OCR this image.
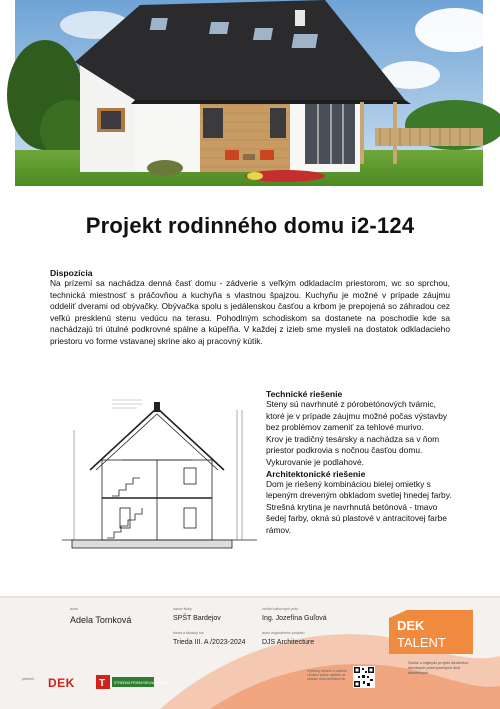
Projekt rodinného domu i2-124
Dispozícia

Na prízemí sa nachádza denná časť domu - zádverie s veľkým odkladacím priestorom, wc so sprchou, technická miestnosť s práčovňou a kuchyňa s vlastnou špajzou. Kuchyňu je možné v prípade záujmu oddeliť dverami od obývačky. Obývačka spolu s jedálenskou časťou a krbom je prepojená so záhradou cez veľkú presklenú stenu vedúcu na terasu. Pohodlným schodiskom sa dostanete na poschodie kde sa nachádzajú tri útulné podkrovné spálne a kúpeľňa. V každej z izieb sme mysleli na dostatok odkladacieho priestoru vo forme vstavanej skrine ako aj pracovný kútik.

Technické riešenie

Steny sú navrhnuté z pórobetónových tvárnic, ktoré je v prípade záujmu možné počas výstavby bez problémov zameniť za tehlové murivo.

Krov je tradičný tesársky a nachádza sa v ňom priestor podkrovia s nočnou časťou domu. Vykurovanie je podlahové.

Architektonické riešenie

Dom je riešený kombináciou bielej omietky s lepeným dreveným obkladom svetlej hnedej farby.

Strešná krytina je navrhnutá betónová - tmavo šedej farby, okná sú plastové v antracitovej farbe rámov.

autor
Adela Tomková
názov školy
SPŠT Bardejov
trieda a školský rok
Trieda III. A /2023-2024
vedúci odborných prác
Ing. Jozefína Guľová
autor originálneho projektu
DJS Architecture
DEK
TALENT
Súťaž o najlepší projekt študentov stredných priemyselných škôl stavebných
Výsledky súťaže a ostatné súťažné práce nájdete na stránke www.dektalent.sk
partneri DEK T	STREDNÁ PRIEMYSELNÁ ŠKOLA
